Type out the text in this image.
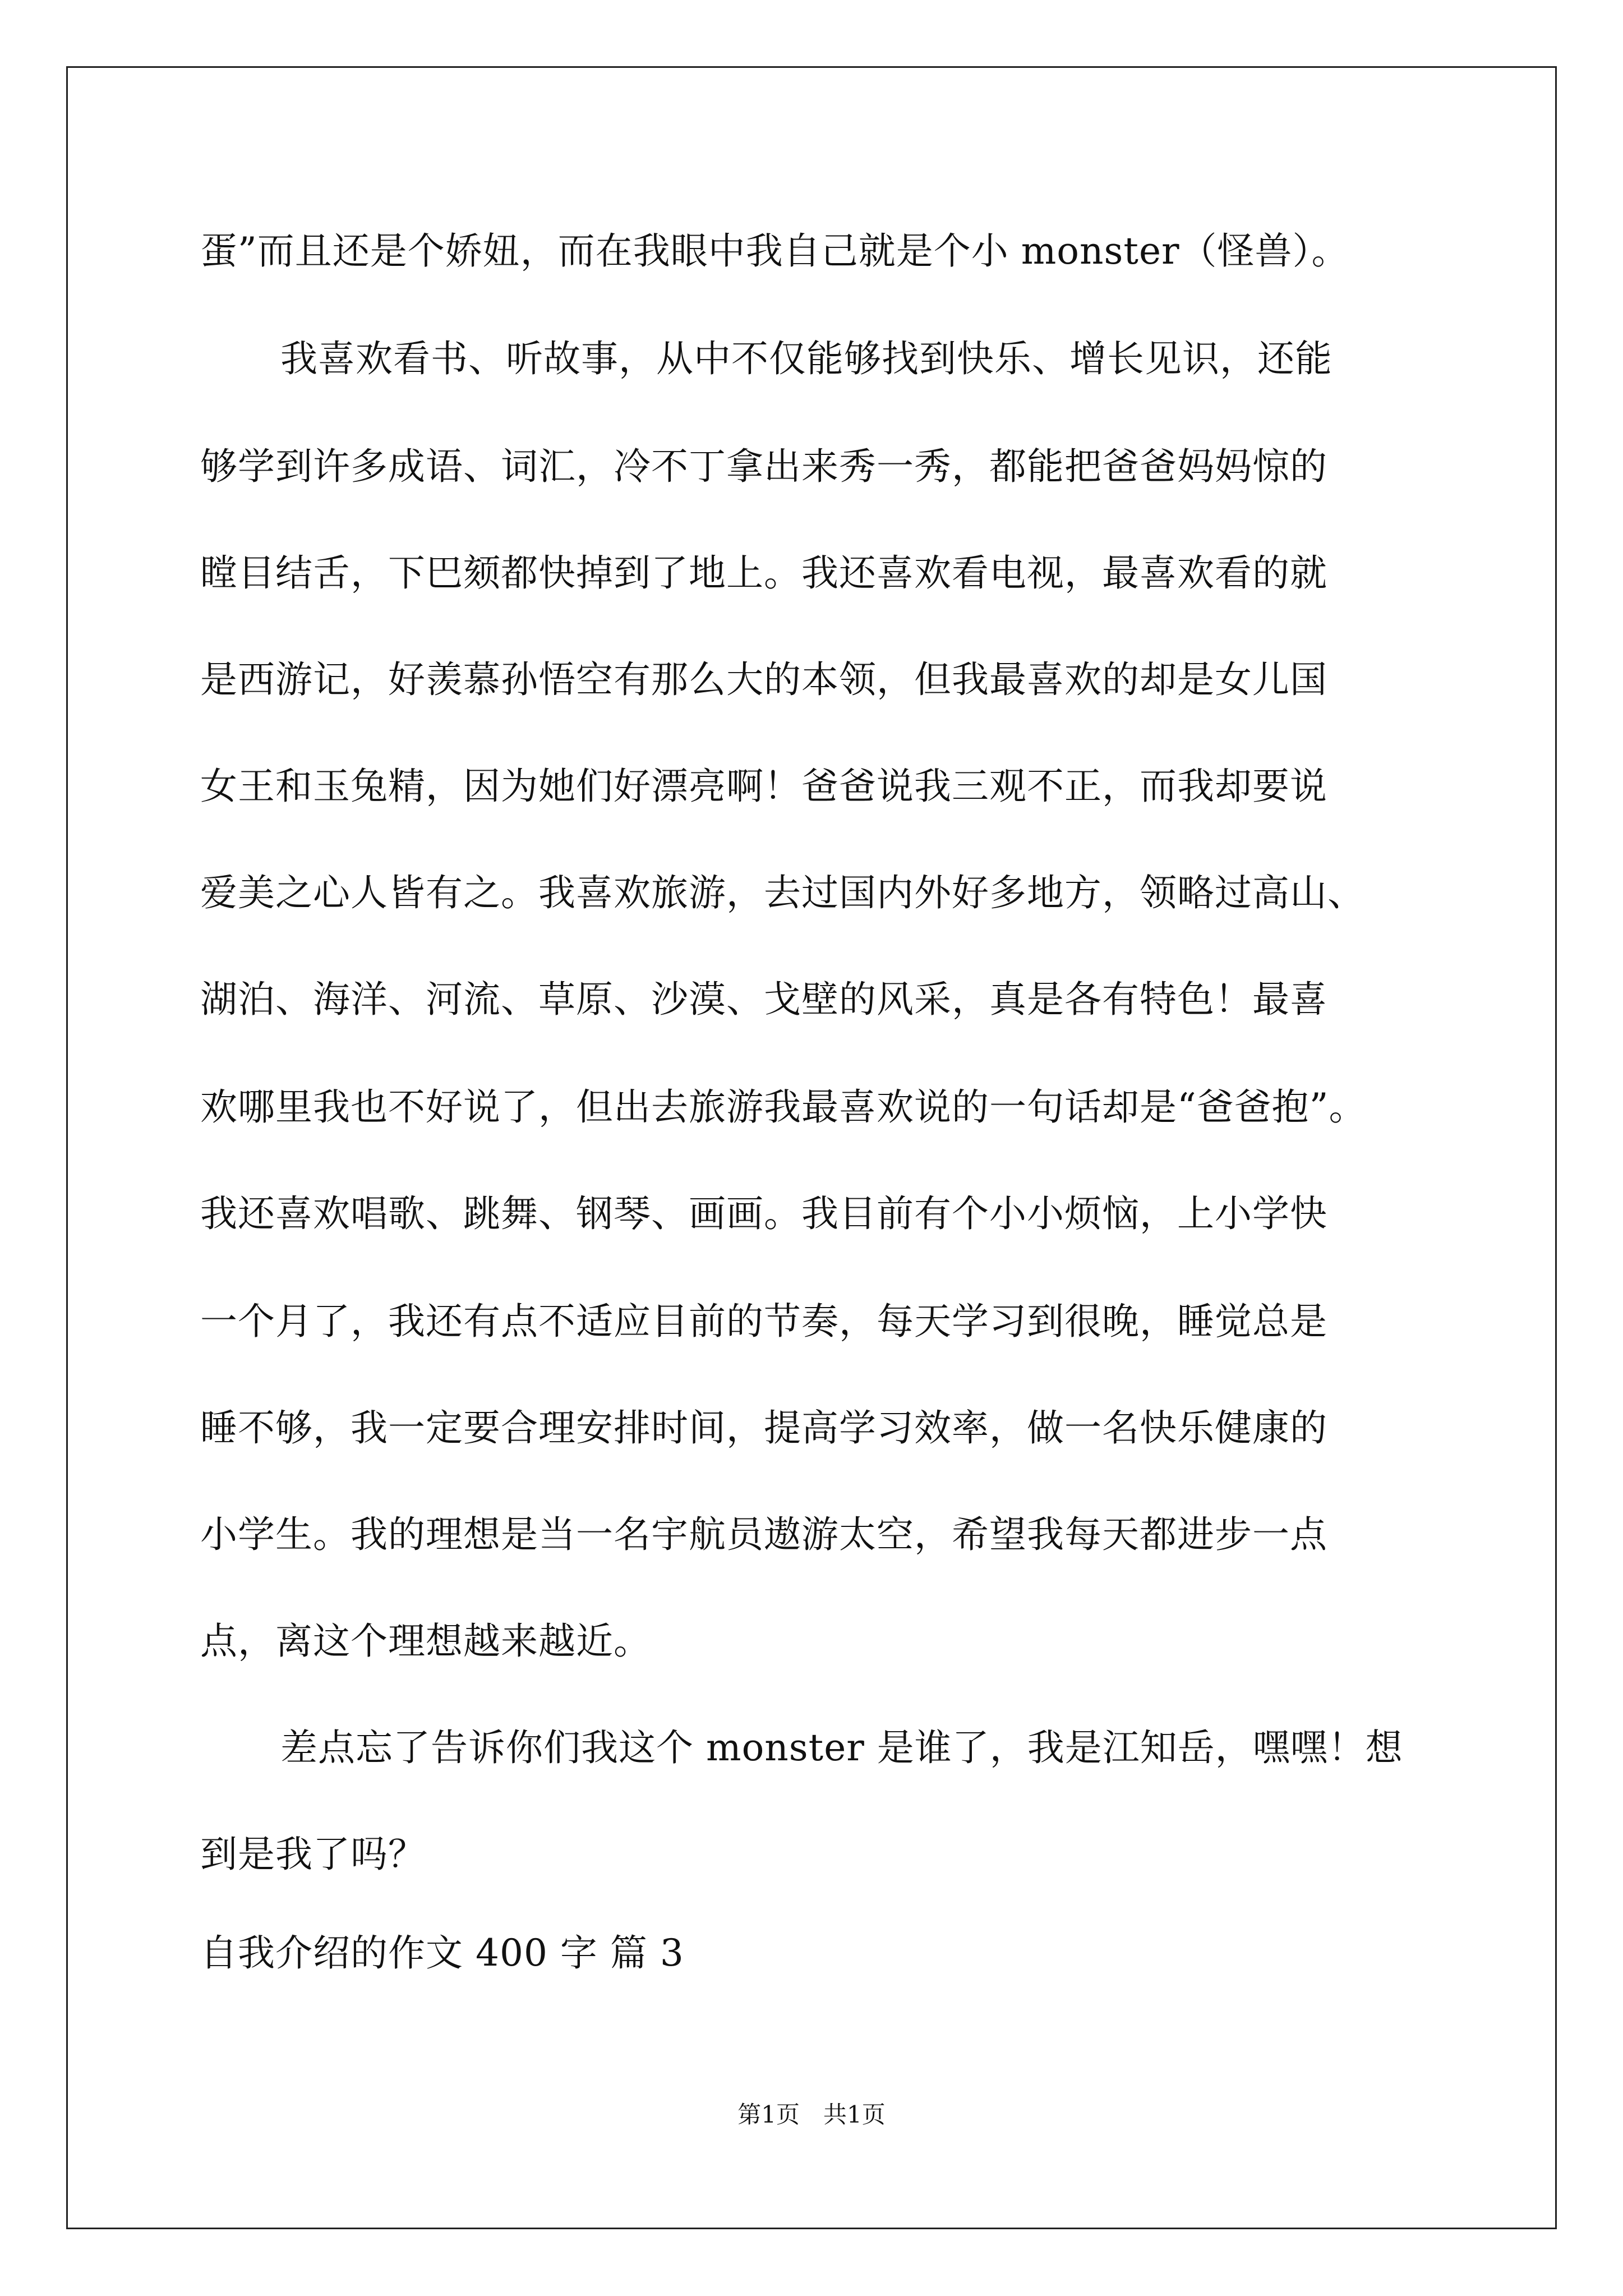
蛋”而且还是个娇妞，而在我眼中我自己就是个小 monster（怪兽）。
我喜欢看书、听故事，从中不仅能够找到快乐、增长见识，还能
够学到许多成语、词汇，冷不丁拿出来秀一秀，都能把爸爸妈妈惊的
瞠目结舌，下巴颏都快掉到了地上。我还喜欢看电视，最喜欢看的就
是西游记，好羡慕孙悟空有那么大的本领，但我最喜欢的却是女儿国
女王和玉兔精，因为她们好漂亮啊！爸爸说我三观不正，而我却要说
爱美之心人皆有之。我喜欢旅游，去过国内外好多地方，领略过高山、
湖泊、海洋、河流、草原、沙漠、戈壁的风采，真是各有特色！最喜
欢哪里我也不好说了，但出去旅游我最喜欢说的一句话却是“爸爸抱”。
我还喜欢唱歌、跳舞、钢琴、画画。我目前有个小小烦恼，上小学快
一个月了，我还有点不适应目前的节奏，每天学习到很晚，睡觉总是
睡不够，我一定要合理安排时间，提高学习效率，做一名快乐健康的
小学生。我的理想是当一名宇航员遨游太空，希望我每天都进步一点
点，离这个理想越来越近。
差点忘了告诉你们我这个 monster 是谁了，我是江知岳，嘿嘿！想
到是我了吗？
自我介绍的作文 400 字 篇 3
第1页　共1页
